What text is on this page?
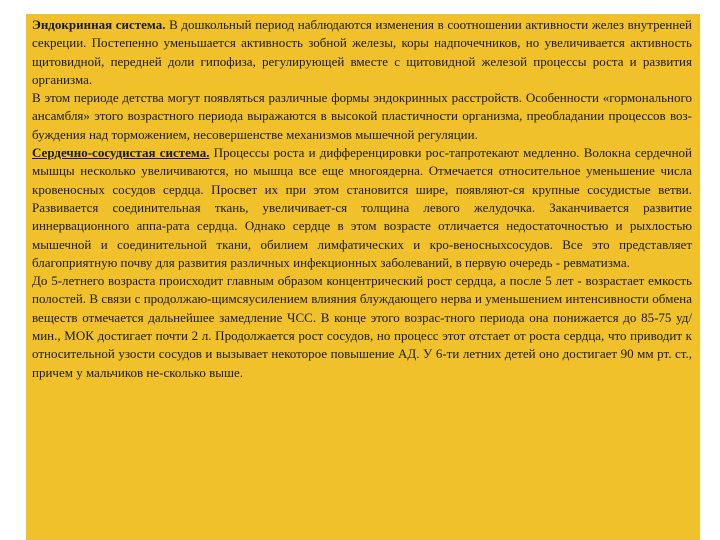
Эндокринная система. В дошкольный период наблюдаются изменения в соотношении активности желез внутренней секреции. Постепенно уменьшается активность зобной железы, коры надпочечников, но увеличивается активность щитовидной, передней доли гипофиза, регулирующей вместе с щитовидной железой процессы роста и развития организма.

В этом периоде детства могут появляться различные формы эндокринных расстройств. Особенности «гормонального ансамбля» этого возрастного периода выражаются в высокой пластичности организма, преобладании процессов воз-буждения над торможением, несовершенстве механизмов мышечной регуляции.

Сердечно-сосудистая система. Процессы роста и дифференцировки рос-тапротекают медленно. Волокна сердечной мышцы несколько увеличиваются, но мышца все еще многоядерна. Отмечается относительное уменьшение числа кровеносных сосудов сердца. Просвет их при этом становится шире, появляют-ся крупные сосудистые ветви. Развивается соединительная ткань, увеличивает-ся толщина левого желудочка. Заканчивается развитие иннервационного аппа-рата сердца. Однако сердце в этом возрасте отличается недостаточностью и рыхлостью мышечной и соединительной ткани, обилием лимфатических и кро-веносныхсосудов. Все это представляет благоприятную почву для развития различных инфекционных заболеваний, в первую очередь - ревматизма.

До 5-летнего возраста происходит главным образом концентрический рост сердца, а после 5 лет - возрастает емкость полостей. В связи с продолжаю-щимсяусилением влияния блуждающего нерва и уменьшением интенсивности обмена веществ отмечается дальнейшее замедление ЧСС. В конце этого возрас-тного периода она понижается до 85-75 уд/мин., МОК достигает почти 2 л. Продолжается рост сосудов, но процесс этот отстает от роста сердца, что приводит к относительной узости сосудов и вызывает некоторое повышение АД. У 6-ти летних детей оно достигает 90 мм рт. ст., причем у мальчиков не-сколько выше.
